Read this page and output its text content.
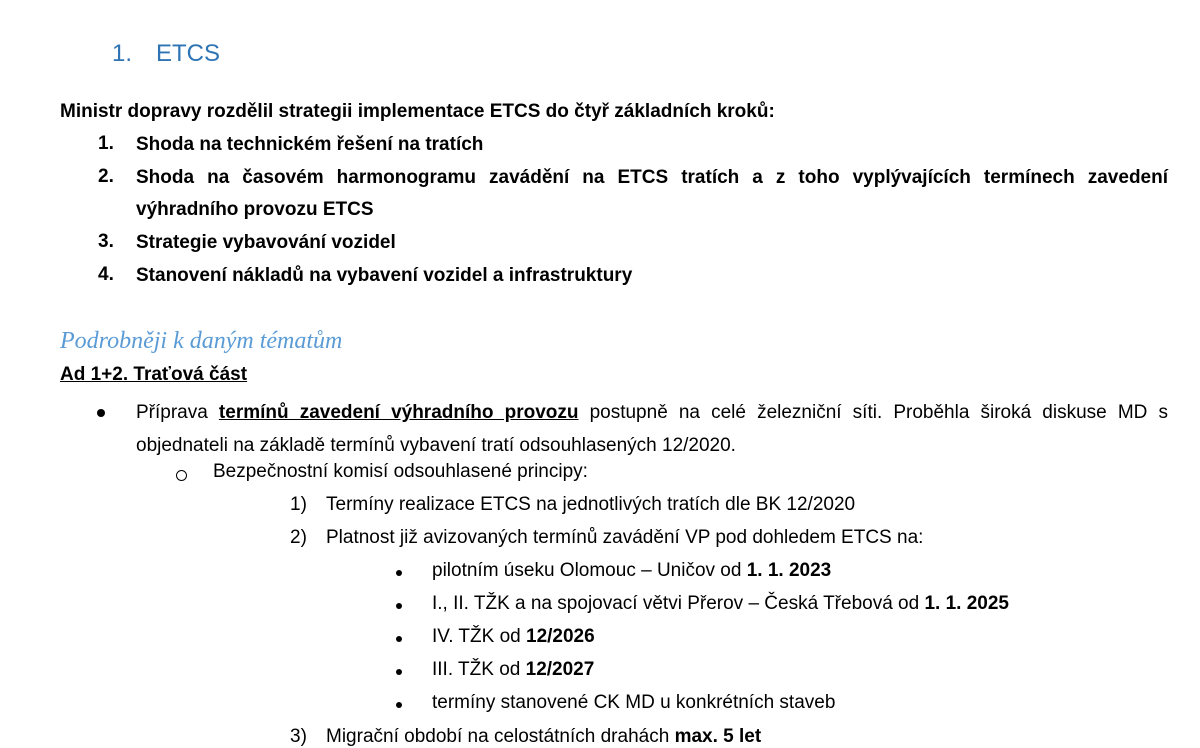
1. ETCS
Ministr dopravy rozdělil strategii implementace ETCS do čtyř základních kroků:
1.	Shoda na technickém řešení na tratích
2.	Shoda na časovém harmonogramu zavádění na ETCS tratích a z toho vyplývajících termínech zavedení výhradního provozu ETCS
3.	Strategie vybavování vozidel
4.	Stanovení nákladů na vybavení vozidel a infrastruktury
Podrobněji k daným tématům
Ad 1+2. Traťová část
Příprava termínů zavedení výhradního provozu postupně na celé železniční síti. Proběhla široká diskuse MD s objednateli na základě termínů vybavení tratí odsouhlasených 12/2020.
Bezpečnostní komisí odsouhlasené principy:
1) Termíny realizace ETCS na jednotlivých tratích dle BK 12/2020
2) Platnost již avizovaných termínů zavádění VP pod dohledem ETCS na:
pilotním úseku Olomouc – Uničov od 1. 1. 2023
I., II. TŽK a na spojovací větvi Přerov – Česká Třebová od 1. 1. 2025
IV. TŽK od 12/2026
III. TŽK od 12/2027
termíny stanovené CK MD u konkrétních staveb
3) Migrační období na celostátních drahách max. 5 let
